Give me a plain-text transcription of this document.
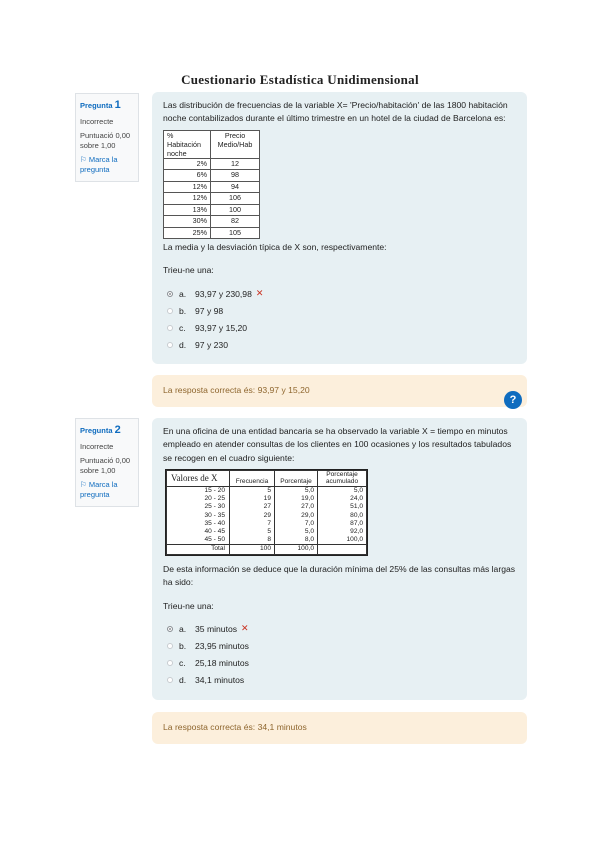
Cuestionario Estadística Unidimensional
Pregunta 1
Incorrecte
Puntuació 0,00 sobre 1,00
⚐ Marca la pregunta

Las distribución de frecuencias de la variable X= 'Precio/habitación' de las 1800 habitación noche contabilizados durante el último trimestre en un hotel de la ciudad de Barcelona es:

% Habitación noche	Precio Medio/Hab
2%	12
6%	98
12%	94
12%	106
13%	100
30%	82
25%	105

La media y la desviación típica de X son, respectivamente:

Trieu-ne una:
a.	93,97 y 230,98 ✕
b.	97 y 98
c.	93,97 y 15,20
d.	97 y 230
La resposta correcta és: 93,97 y 15,20
?
Pregunta 2
Incorrecte
Puntuació 0,00 sobre 1,00
⚐ Marca la pregunta

En una oficina de una entidad bancaria se ha observado la variable X = tiempo en minutos empleado en atender consultas de los clientes en 100 ocasiones y los resultados tabulados se recogen en el cuadro siguiente:

Valores de X	Frecuencia	Porcentaje	Porcentaje acumulado
15 - 20	5	5,0	5,0
20 - 25	19	19,0	24,0
25 - 30	27	27,0	51,0
30 - 35	29	29,0	80,0
35 - 40	7	7,0	87,0
40 - 45	5	5,0	92,0
45 - 50	8	8,0	100,0
Total	100	100,0	

De esta información se deduce que la duración mínima del 25% de las consultas más largas ha sido:

Trieu-ne una:
a.	35 minutos ✕
b.	23,95 minutos
c.	25,18 minutos
d.	34,1 minutos
La resposta correcta és: 34,1 minutos
